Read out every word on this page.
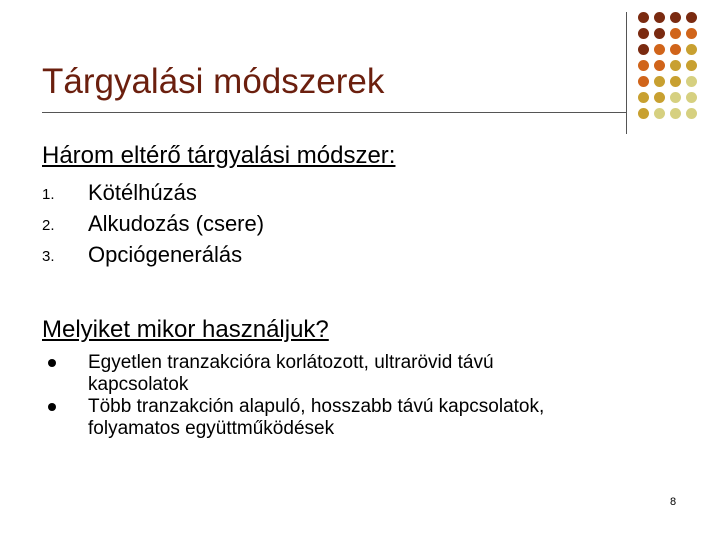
Tárgyalási módszerek
Három eltérő tárgyalási módszer:
1. Kötélhúzás
2. Alkudozás (csere)
3. Opciógenerálás
Melyiket mikor használjuk?
Egyetlen tranzakcióra korlátozott, ultrarövid távú
kapcsolatok
Több tranzakción alapuló, hosszabb távú kapcsolatok,
folyamatos együttműködések
8
